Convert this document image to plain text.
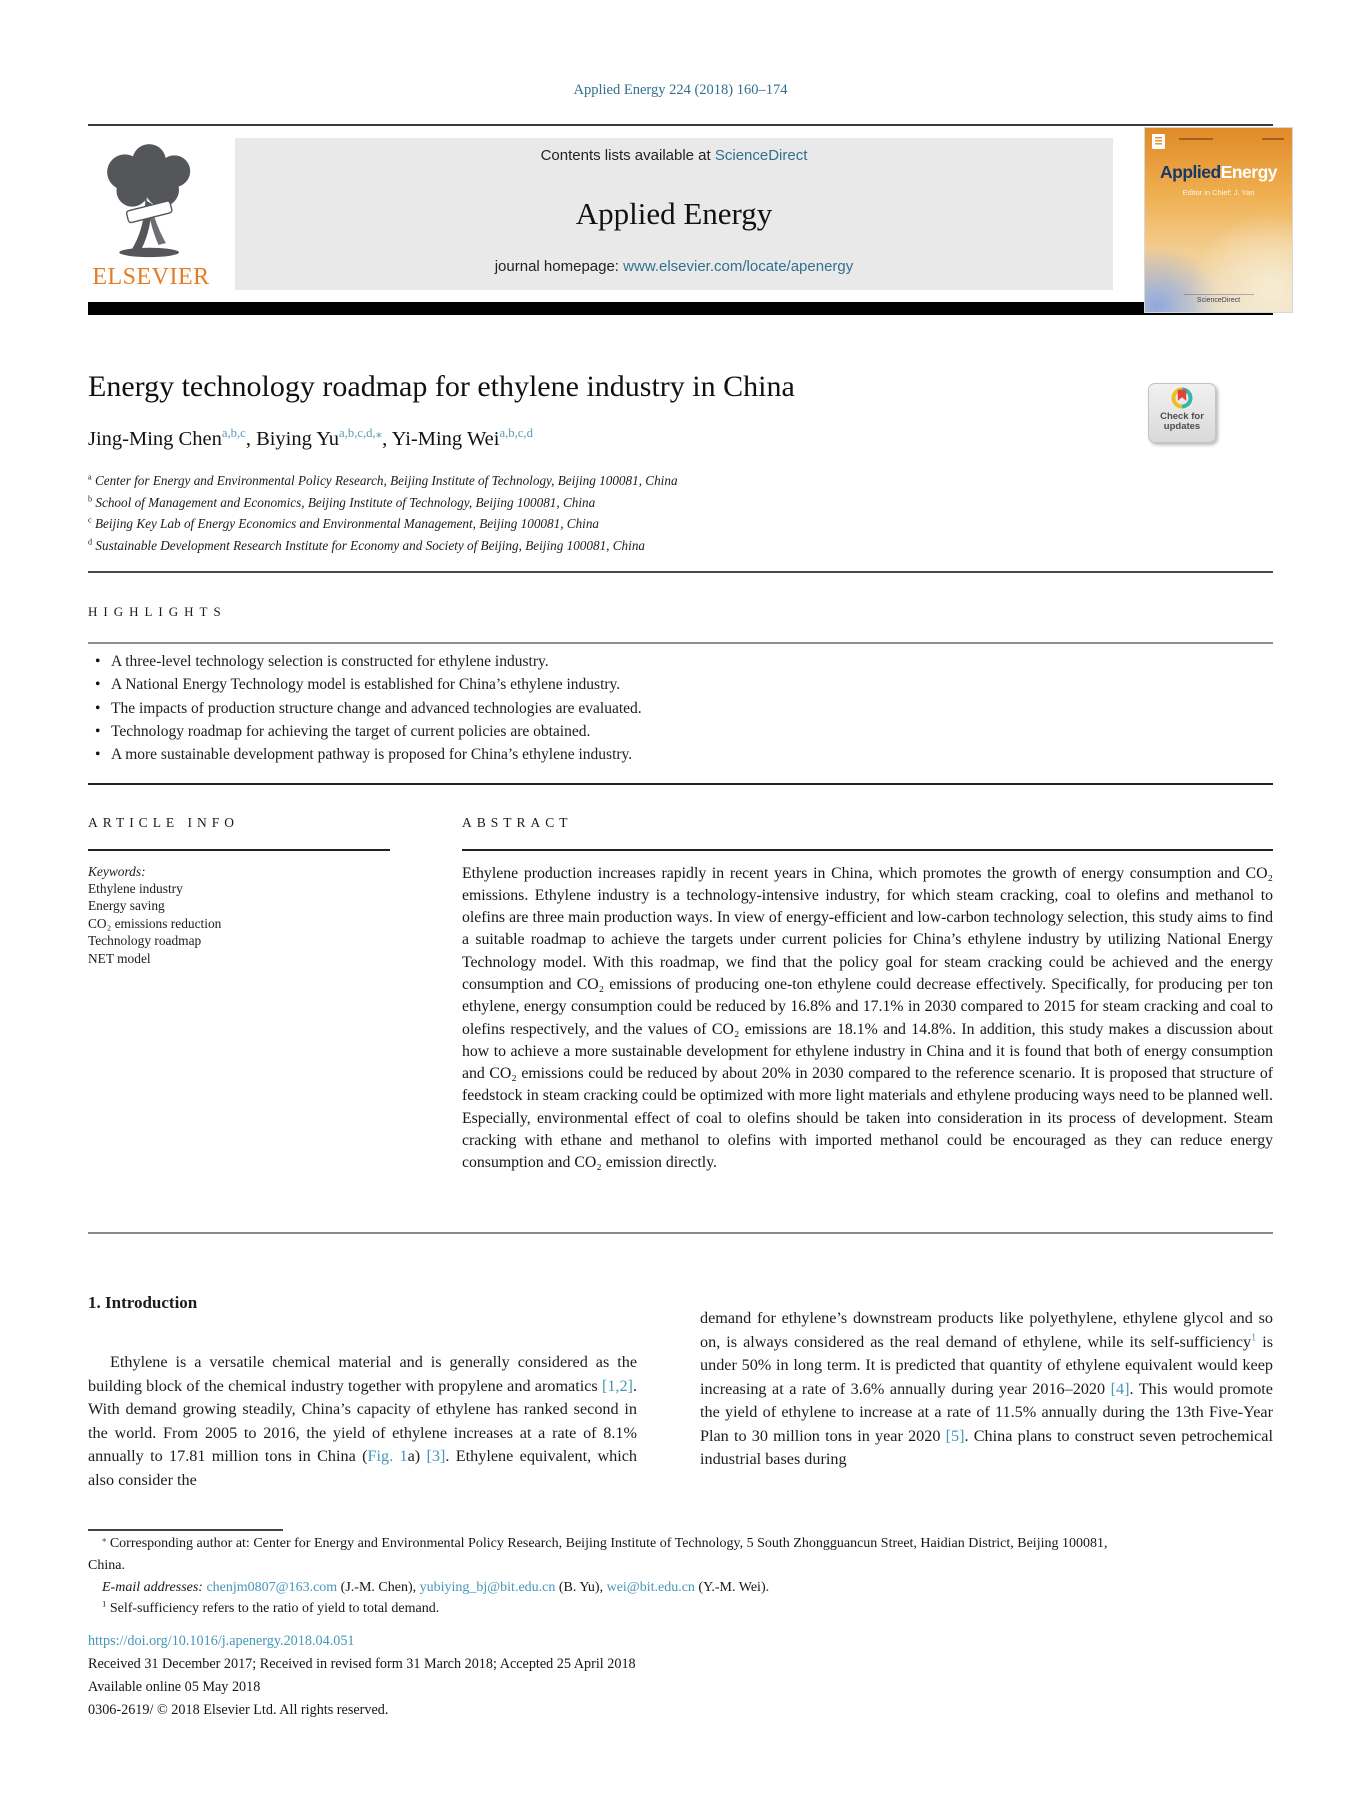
Applied Energy 224 (2018) 160–174
ELSEVIER
Contents lists available at ScienceDirect
Applied Energy
journal homepage: www.elsevier.com/locate/apenergy
AppliedEnergy
Editor in Chief: J. Yan
ScienceDirect
Energy technology roadmap for ethylene industry in China
Check for
updates
Jing-Ming Chen$^{a,b,c}$, Biying $Yu^{a,b,c,d,⁎}$, Yi-Ming Wei$^{a,b,c,d}$
$^a$ Center for Energy and Environmental Policy Research, Beijing Institute of Technology, Beijing 100081, China
$^b$ School of Management and Economics, Beijing Institute of Technology, Beijing 100081, China
$^c$ Beijing Key Lab of Energy Economics and Environmental Management, Beijing 100081, China
$^d$ Sustainable Development Research Institute for Economy and Society of Beijing, Beijing 100081, China
HIGHLIGHTS
• A three-level technology selection is constructed for ethylene industry.
• A National Energy Technology model is established for China’s ethylene industry.
• The impacts of production structure change and advanced technologies are evaluated.
• Technology roadmap for achieving the target of current policies are obtained.
• A more sustainable development pathway is proposed for China’s ethylene industry.
ARTICLE INFO
Keywords:
Ethylene industry
Energy saving
CO₂ emissions reduction
Technology roadmap
NET model
ABSTRACT

Ethylene production increases rapidly in recent years in China, which promotes the growth of energy consumption and CO₂ emissions. Ethylene industry is a technology-intensive industry, for which steam cracking, coal to olefins and methanol to olefins are three main production ways. In view of energy-efficient and low-carbon technology selection, this study aims to find a suitable roadmap to achieve the targets under current policies for China’s ethylene industry by utilizing National Energy Technology model. With this roadmap, we find that the policy goal for steam cracking could be achieved and the energy consumption and CO₂ emissions of producing one-ton ethylene could decrease effectively. Specifically, for producing per ton ethylene, energy consumption could be reduced by 16.8% and 17.1% in 2030 compared to 2015 for steam cracking and coal to olefins respectively, and the values of CO₂ emissions are 18.1% and 14.8%. In addition, this study makes a discussion about how to achieve a more sustainable development for ethylene industry in China and it is found that both of energy consumption and CO₂ emissions could be reduced by about 20% in 2030 compared to the reference scenario. It is proposed that structure of feedstock in steam cracking could be optimized with more light materials and ethylene producing ways need to be planned well. Especially, environmental effect of coal to olefins should be taken into consideration in its process of development. Steam cracking with ethane and methanol to olefins with imported methanol could be encouraged as they can reduce energy consumption and CO₂ emission directly.

1. Introduction

Ethylene is a versatile chemical material and is generally considered as the building block of the chemical industry together with propylene and aromatics [1,2]. With demand growing steadily, China’s capacity of ethylene has ranked second in the world. From 2005 to 2016, the yield of ethylene increases at a rate of 8.1% annually to 17.81 million tons in China (Fig. 1a) [3]. Ethylene equivalent, which also consider the

demand for ethylene’s downstream products like polyethylene, ethylene glycol and so on, is always considered as the real demand of ethylene, while its self-sufficiency$^1$ is under 50% in long term. It is predicted that quantity of ethylene equivalent would keep increasing at a rate of 3.6% annually during year 2016–2020 [4]. This would promote the yield of ethylene to increase at a rate of 11.5% annually during the 13th Five-Year Plan to 30 million tons in year 2020 [5]. China plans to construct seven petrochemical industrial bases during

⁎ Corresponding author at: Center for Energy and Environmental Policy Research, Beijing Institute of Technology, 5 South Zhongguancun Street, Haidian District, Beijing 100081,
China.

E-mail addresses: chenjm0807@163.com (J.-M. Chen), yubiying_bj@bit.edu.cn (B. Yu), wei@bit.edu.cn (Y.-M. Wei).

$^1$ Self-sufficiency refers to the ratio of yield to total demand.

https://doi.org/10.1016/j.apenergy.2018.04.051
Received 31 December 2017; Received in revised form 31 March 2018; Accepted 25 April 2018
Available online 05 May 2018
0306-2619/ © 2018 Elsevier Ltd. All rights reserved.
